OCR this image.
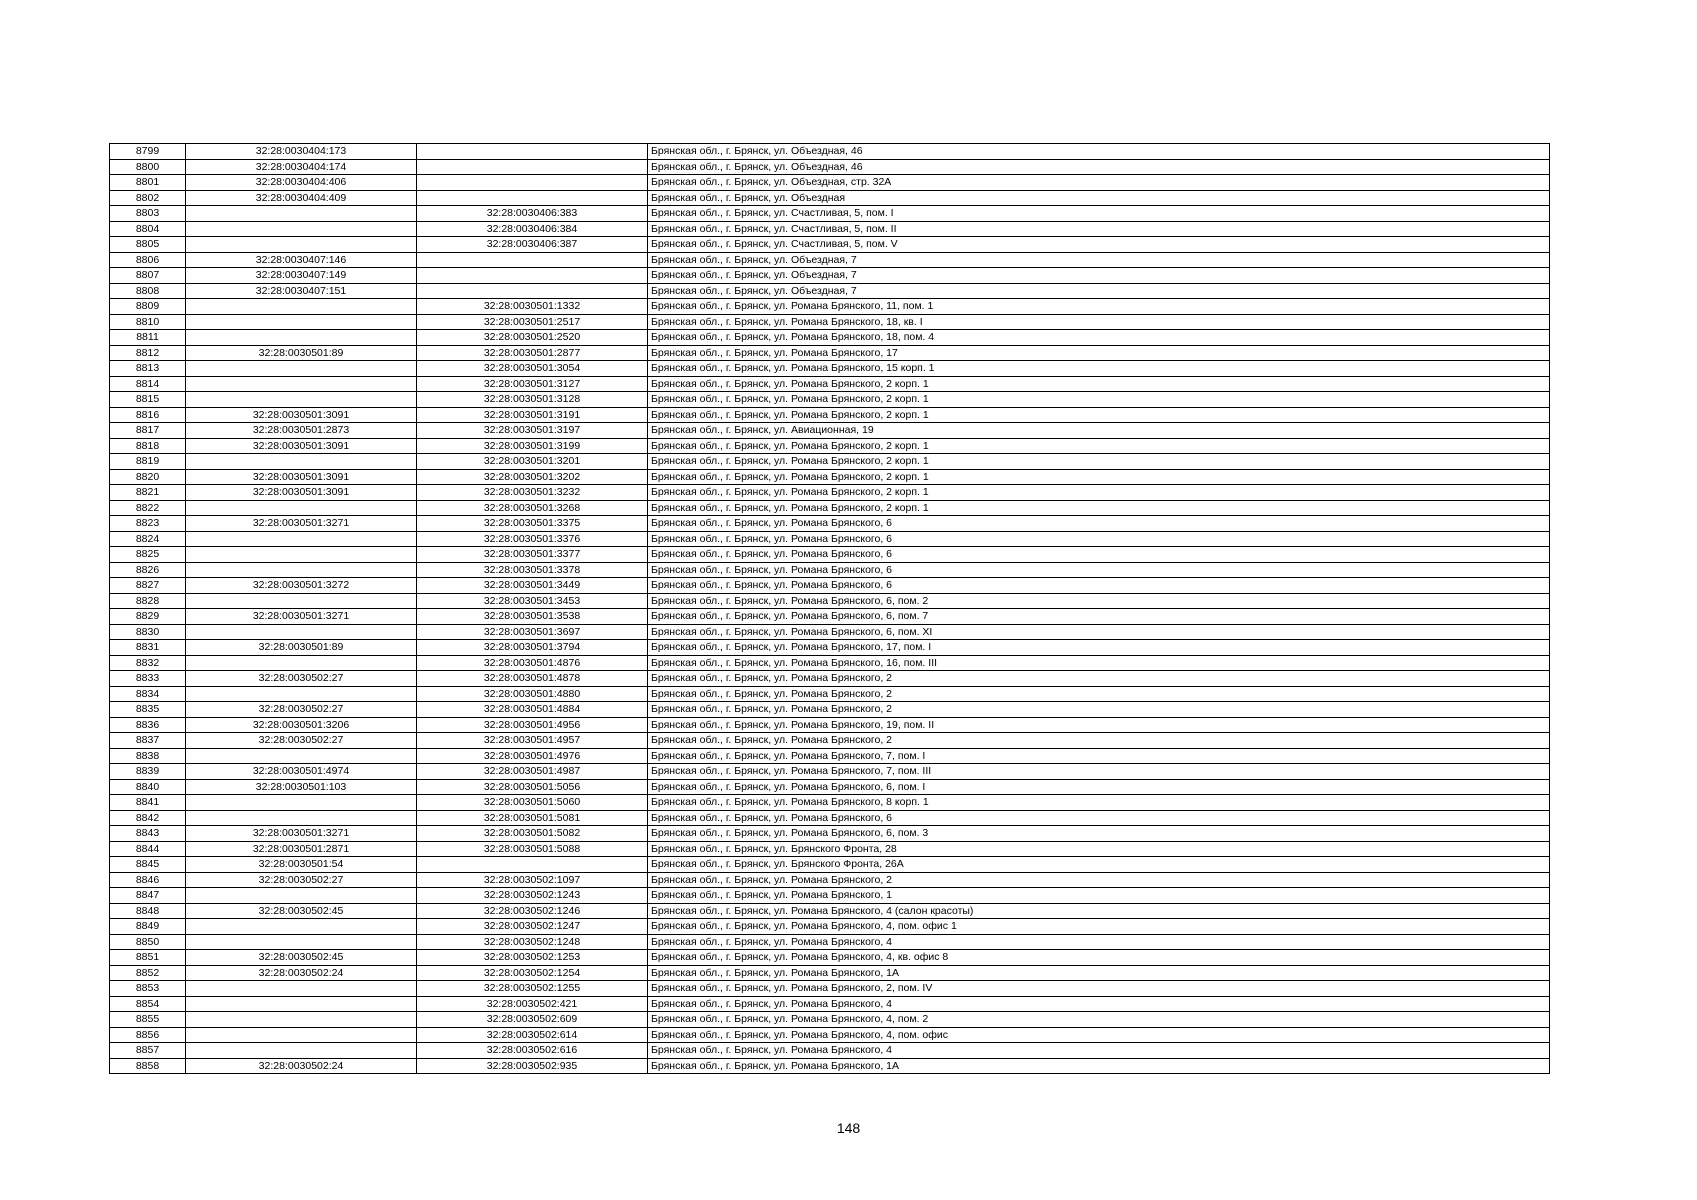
8799	32:28:0030404:173		Брянская обл., г. Брянск, ул. Объездная, 46
8800	32:28:0030404:174		Брянская обл., г. Брянск, ул. Объездная, 46
8801	32:28:0030404:406		Брянская обл., г. Брянск, ул. Объездная, стр. 32А
8802	32:28:0030404:409		Брянская обл., г. Брянск, ул. Объездная
8803		32:28:0030406:383	Брянская обл., г. Брянск, ул. Счастливая, 5, пом. I
8804		32:28:0030406:384	Брянская обл., г. Брянск, ул. Счастливая, 5, пом. II
8805		32:28:0030406:387	Брянская обл., г. Брянск, ул. Счастливая, 5, пом. V
8806	32:28:0030407:146		Брянская обл., г. Брянск, ул. Объездная, 7
8807	32:28:0030407:149		Брянская обл., г. Брянск, ул. Объездная, 7
8808	32:28:0030407:151		Брянская обл., г. Брянск, ул. Объездная, 7
8809		32:28:0030501:1332	Брянская обл., г. Брянск, ул. Романа Брянского, 11, пом. 1
8810		32:28:0030501:2517	Брянская обл., г. Брянск, ул. Романа Брянского, 18, кв. I
8811		32:28:0030501:2520	Брянская обл., г. Брянск, ул. Романа Брянского, 18, пом. 4
8812	32:28:0030501:89	32:28:0030501:2877	Брянская обл., г. Брянск, ул. Романа Брянского, 17
8813		32:28:0030501:3054	Брянская обл., г. Брянск, ул. Романа Брянского, 15 корп. 1
8814		32:28:0030501:3127	Брянская обл., г. Брянск, ул. Романа Брянского, 2 корп. 1
8815		32:28:0030501:3128	Брянская обл., г. Брянск, ул. Романа Брянского, 2 корп. 1
8816	32:28:0030501:3091	32:28:0030501:3191	Брянская обл., г. Брянск, ул. Романа Брянского, 2 корп. 1
8817	32:28:0030501:2873	32:28:0030501:3197	Брянская обл., г. Брянск, ул. Авиационная, 19
8818	32:28:0030501:3091	32:28:0030501:3199	Брянская обл., г. Брянск, ул. Романа Брянского, 2 корп. 1
8819		32:28:0030501:3201	Брянская обл., г. Брянск, ул. Романа Брянского, 2 корп. 1
8820	32:28:0030501:3091	32:28:0030501:3202	Брянская обл., г. Брянск, ул. Романа Брянского, 2 корп. 1
8821	32:28:0030501:3091	32:28:0030501:3232	Брянская обл., г. Брянск, ул. Романа Брянского, 2 корп. 1
8822		32:28:0030501:3268	Брянская обл., г. Брянск, ул. Романа Брянского, 2 корп. 1
8823	32:28:0030501:3271	32:28:0030501:3375	Брянская обл., г. Брянск, ул. Романа Брянского, 6
8824		32:28:0030501:3376	Брянская обл., г. Брянск, ул. Романа Брянского, 6
8825		32:28:0030501:3377	Брянская обл., г. Брянск, ул. Романа Брянского, 6
8826		32:28:0030501:3378	Брянская обл., г. Брянск, ул. Романа Брянского, 6
8827	32:28:0030501:3272	32:28:0030501:3449	Брянская обл., г. Брянск, ул. Романа Брянского, 6
8828		32:28:0030501:3453	Брянская обл., г. Брянск, ул. Романа Брянского, 6, пом. 2
8829	32:28:0030501:3271	32:28:0030501:3538	Брянская обл., г. Брянск, ул. Романа Брянского, 6, пом. 7
8830		32:28:0030501:3697	Брянская обл., г. Брянск, ул. Романа Брянского, 6, пом. XI
8831	32:28:0030501:89	32:28:0030501:3794	Брянская обл., г. Брянск, ул. Романа Брянского, 17, пом. I
8832		32:28:0030501:4876	Брянская обл., г. Брянск, ул. Романа Брянского, 16, пом. III
8833	32:28:0030502:27	32:28:0030501:4878	Брянская обл., г. Брянск, ул. Романа Брянского, 2
8834		32:28:0030501:4880	Брянская обл., г. Брянск, ул. Романа Брянского, 2
8835	32:28:0030502:27	32:28:0030501:4884	Брянская обл., г. Брянск, ул. Романа Брянского, 2
8836	32:28:0030501:3206	32:28:0030501:4956	Брянская обл., г. Брянск, ул. Романа Брянского, 19, пом. II
8837	32:28:0030502:27	32:28:0030501:4957	Брянская обл., г. Брянск, ул. Романа Брянского, 2
8838		32:28:0030501:4976	Брянская обл., г. Брянск, ул. Романа Брянского, 7, пом. I
8839	32:28:0030501:4974	32:28:0030501:4987	Брянская обл., г. Брянск, ул. Романа Брянского, 7, пом. III
8840	32:28:0030501:103	32:28:0030501:5056	Брянская обл., г. Брянск, ул. Романа Брянского, 6, пом. I
8841		32:28:0030501:5060	Брянская обл., г. Брянск, ул. Романа Брянского, 8 корп. 1
8842		32:28:0030501:5081	Брянская обл., г. Брянск, ул. Романа Брянского, 6
8843	32:28:0030501:3271	32:28:0030501:5082	Брянская обл., г. Брянск, ул. Романа Брянского, 6, пом. 3
8844	32:28:0030501:2871	32:28:0030501:5088	Брянская обл., г. Брянск, ул. Брянского Фронта, 28
8845	32:28:0030501:54		Брянская обл., г. Брянск, ул. Брянского Фронта, 26А
8846	32:28:0030502:27	32:28:0030502:1097	Брянская обл., г. Брянск, ул. Романа Брянского, 2
8847		32:28:0030502:1243	Брянская обл., г. Брянск, ул. Романа Брянского, 1
8848	32:28:0030502:45	32:28:0030502:1246	Брянская обл., г. Брянск, ул. Романа Брянского, 4 (салон красоты)
8849		32:28:0030502:1247	Брянская обл., г. Брянск, ул. Романа Брянского, 4, пом. офис 1
8850		32:28:0030502:1248	Брянская обл., г. Брянск, ул. Романа Брянского, 4
8851	32:28:0030502:45	32:28:0030502:1253	Брянская обл., г. Брянск, ул. Романа Брянского, 4, кв. офис 8
8852	32:28:0030502:24	32:28:0030502:1254	Брянская обл., г. Брянск, ул. Романа Брянского, 1А
8853		32:28:0030502:1255	Брянская обл., г. Брянск, ул. Романа Брянского, 2, пом. IV
8854		32:28:0030502:421	Брянская обл., г. Брянск, ул. Романа Брянского, 4
8855		32:28:0030502:609	Брянская обл., г. Брянск, ул. Романа Брянского, 4, пом. 2
8856		32:28:0030502:614	Брянская обл., г. Брянск, ул. Романа Брянского, 4, пом. офис
8857		32:28:0030502:616	Брянская обл., г. Брянск, ул. Романа Брянского, 4
8858	32:28:0030502:24	32:28:0030502:935	Брянская обл., г. Брянск, ул. Романа Брянского, 1А
148
